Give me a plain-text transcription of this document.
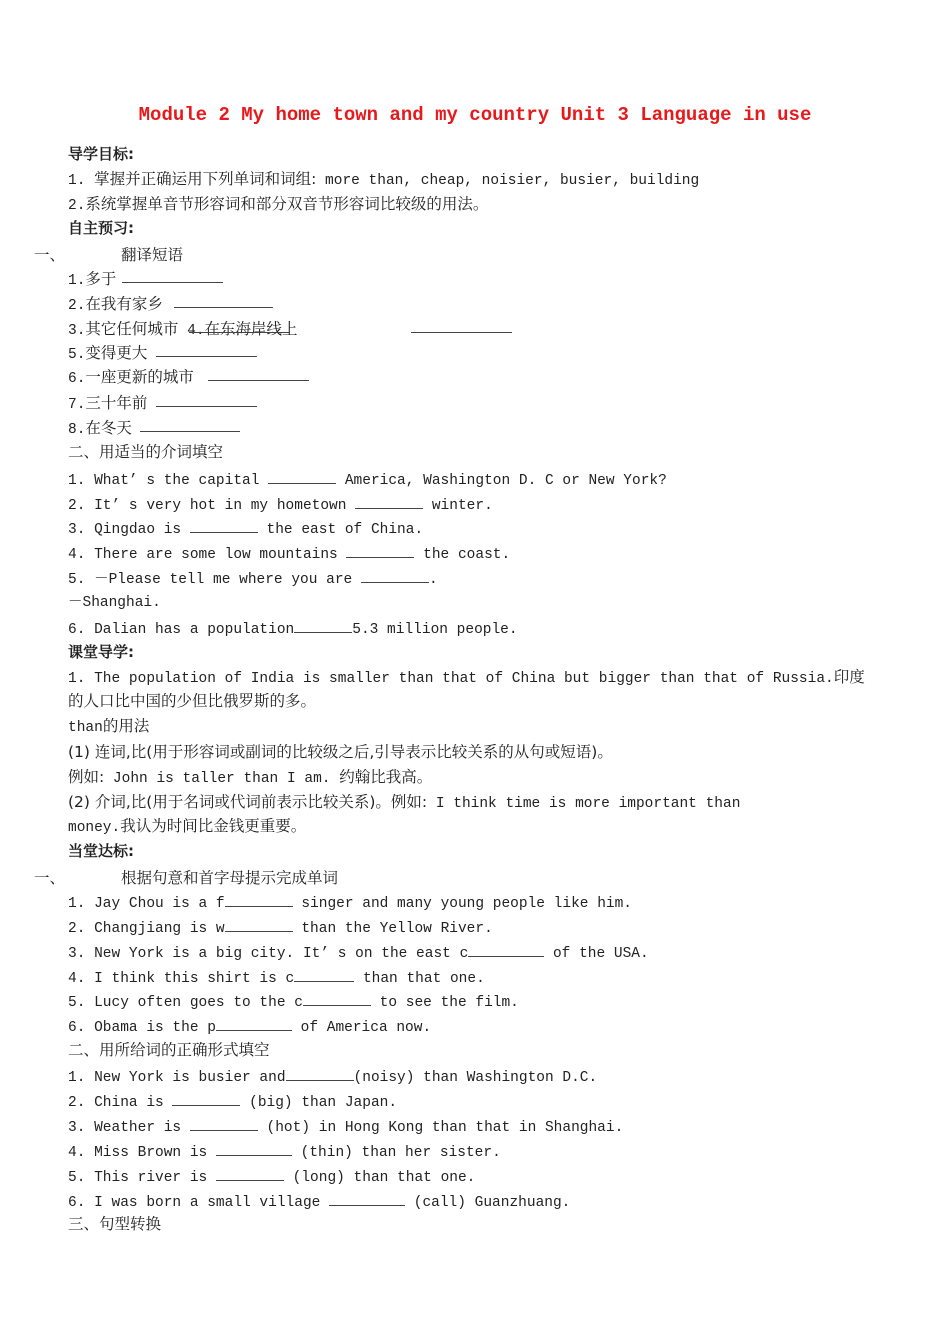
Module 2 My home town and my country Unit 3 Language in use
导学目标:
1. 掌握并正确运用下列单词和词组: more than, cheap, noisier, busier, building
2.系统掌握单音节形容词和部分双音节形容词比较级的用法。
自主预习:
一、	翻译短语
1.多于
2.在我有家乡
3.其它任何城市 4.在东海岸线上
5.变得更大
6.一座更新的城市
7.三十年前
8.在冬天
二、用适当的介词填空
1. What’ s the capital	America, Washington D. C or New York?
2. It’ s very hot in my hometown	winter.
3. Qingdao is	the east of China.
4. There are some low mountains	the coast.
5. －Please tell me where you are	.
－Shanghai.
6. Dalian has a population	5.3 million people.
课堂导学:
1. The population of India is smaller than that of China but bigger than that of Russia.印度
的人口比中国的少但比俄罗斯的多。
than的用法
(1) 连词,比(用于形容词或副词的比较级之后,引导表示比较关系的从句或短语)。
例如: John is taller than I am. 约翰比我高。
(2) 介词,比(用于名词或代词前表示比较关系)。例如: I think time is more important than
money.我认为时间比金钱更重要。
当堂达标:
一、	根据句意和首字母提示完成单词
1. Jay Chou is a f	singer and many young people like him.
2. Changjiang is w	than the Yellow River.
3. New York is a big city. It’ s on the east c	of the USA.
4. I think this shirt is c	than that one.
5. Lucy often goes to the c	to see the film.
6. Obama is the p	of America now.
二、用所给词的正确形式填空
1. New York is busier and	(noisy) than Washington D.C.
2. China is	(big) than Japan.
3. Weather is	(hot) in Hong Kong than that in Shanghai.
4. Miss Brown is	(thin) than her sister.
5. This river is	(long) than that one.
6. I was born a small village	(call) Guanzhuang.
三、句型转换
